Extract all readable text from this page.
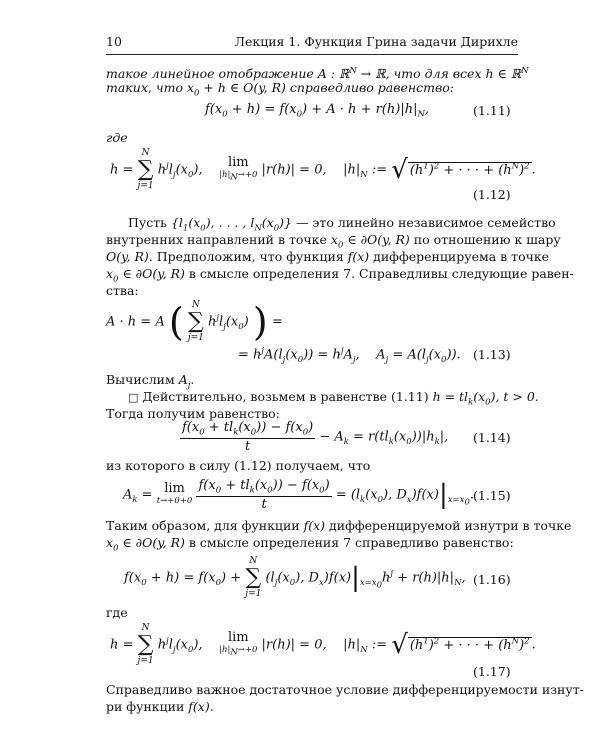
10	Лекция 1. Функция Грина задачи Дирихле
такое линейное отображение A : ℝ$^N$ → ℝ, что для всех h ∈ ℝ$^N$
таких, что $x_0 + h$ ∈ O(y, R) справедливо равенство:
$f(x_0 + h) = f(x_0) + A \cdot h + r(h)|h|_N$,	(1.11)
где
h =
N
∑
j=1
$h^jl_j(x_0)$,    lim
$|h|_N\to+0$ |r(h)| = 0,    $|h|_N$ := √ $(h^1)^2$ + · · · + $(h^N)^2$ .
(1.12)
Пусть {$l_1(x_0)$, . . . , $l_N(x_0)$} — это линейно независимое семейство
внутренних направлений в точке $x_0$ ∈ ∂O(y, R) по отношению к шару
O(y, R). Предположим, что функция f(x) дифференцируема в точке
$x_0$ ∈ ∂O(y, R) в смысле определения 7. Справедливы следующие равен-
ства:
A · h = A ( N
∑
j=1
$h^jl_j(x_0)$ ) =
= $h^jA(l_j(x_0)) = h^jA_j$,    $A_j = A(l_j(x_0))$. (1.13)
Вычислим $A_j$.
□ Действительно, возьмем в равенстве (1.11) $h = tl_k(x_0)$, t > 0.
Тогда получим равенство:
$\frac{f(x_0 + tl_k(x_0)) - f(x_0)}{t} - A_k = r(tl_k(x_0))|h_k|$, (1.14)
из которого в силу (1.12) получаем, что
$A_k = \lim$
t→+0+0
$\frac{f(x_0 + tl_k(x_0)) - f(x_0)}{t} = (l_k(x_0)$, $D_x)f(x)|_{x=x_0}$. (1.15)
Таким образом, для функции f(x) дифференцируемой изнутри в точке
$x_0$ ∈ ∂O(y, R) в смысле определения 7 справедливо равенство:
$f(x_0 + h) = f(x_0)$ +
N
∑
j=1
($l_j(x_0)$, $D_x)f(x)|_{x=x_0}h^j + r(h)|h|_N$, (1.16)
где
h =
N
∑
j=1
$h^jl_j(x_0)$,    lim
$|h|_N\to+0$ |r(h)| = 0,    $|h|_N$ := √ $(h^1)^2$ + · · · + $(h^N)^2$ .
(1.17)
Справедливо важное достаточное условие дифференцируемости изнут-
ри функции f(x).
